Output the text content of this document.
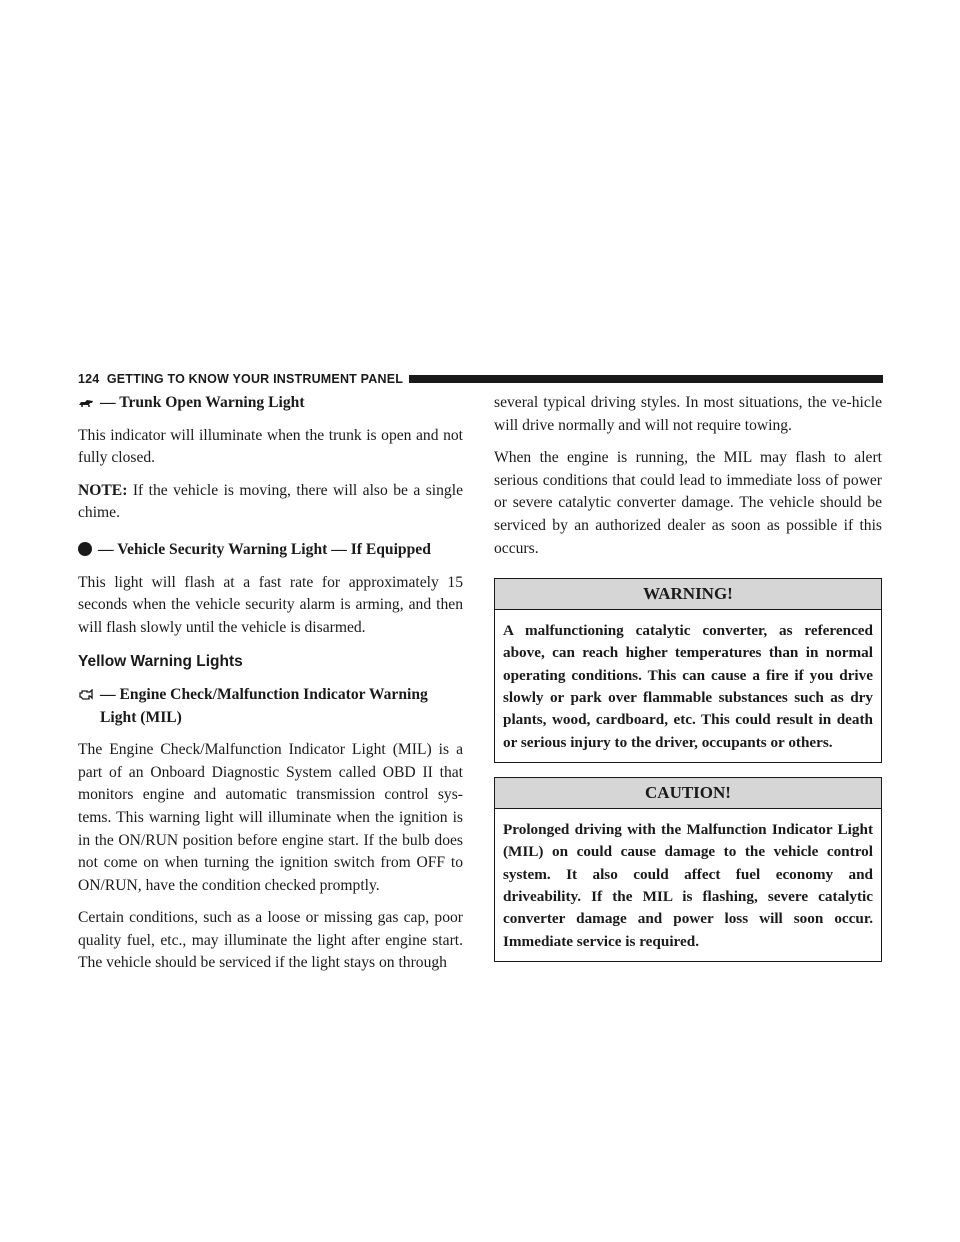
124 GETTING TO KNOW YOUR INSTRUMENT PANEL
— Trunk Open Warning Light

This indicator will illuminate when the trunk is open and not fully closed.

NOTE: If the vehicle is moving, there will also be a single chime.

— Vehicle Security Warning Light — If Equipped

This light will flash at a fast rate for approximately 15 seconds when the vehicle security alarm is arming, and then will flash slowly until the vehicle is disarmed.

Yellow Warning Lights
— Engine Check/Malfunction Indicator Warning Light (MIL)

The Engine Check/Malfunction Indicator Light (MIL) is a part of an Onboard Diagnostic System called OBD II that monitors engine and automatic transmission control sys-tems. This warning light will illuminate when the ignition is in the ON/RUN position before engine start. If the bulb does not come on when turning the ignition switch from OFF to ON/RUN, have the condition checked promptly.

Certain conditions, such as a loose or missing gas cap, poor quality fuel, etc., may illuminate the light after engine start. The vehicle should be serviced if the light stays on through

several typical driving styles. In most situations, the ve-hicle will drive normally and will not require towing.

When the engine is running, the MIL may flash to alert serious conditions that could lead to immediate loss of power or severe catalytic converter damage. The vehicle should be serviced by an authorized dealer as soon as possible if this occurs.

WARNING!

A malfunctioning catalytic converter, as referenced above, can reach higher temperatures than in normal operating conditions. This can cause a fire if you drive slowly or park over flammable substances such as dry plants, wood, cardboard, etc. This could result in death or serious injury to the driver, occupants or others.

CAUTION!

Prolonged driving with the Malfunction Indicator Light (MIL) on could cause damage to the vehicle control system. It also could affect fuel economy and driveability. If the MIL is flashing, severe catalytic converter damage and power loss will soon occur. Immediate service is required.
